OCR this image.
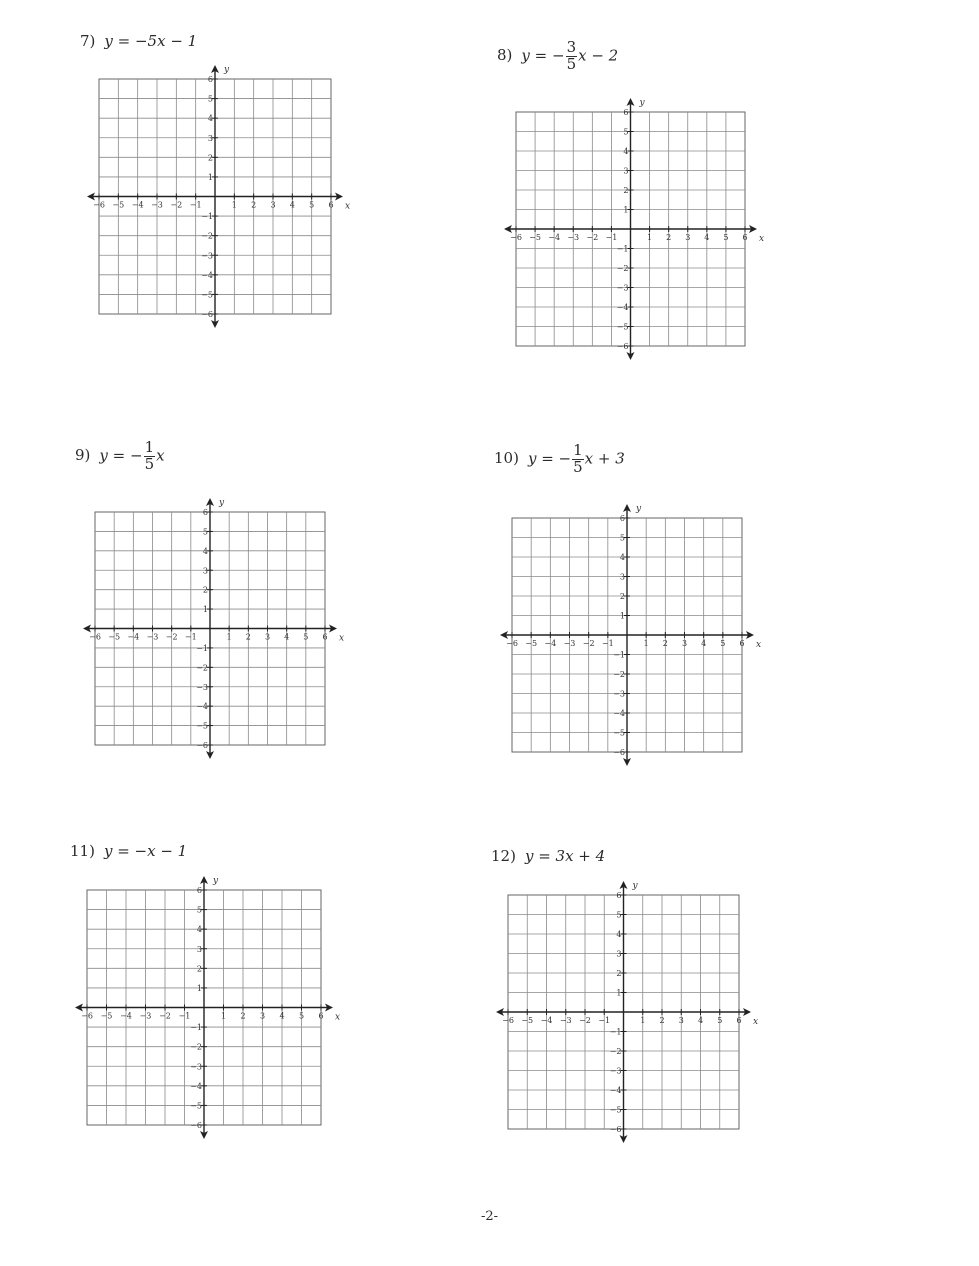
7) y = −5x − 1
8) y = − $\frac{3}{5}$ x − 2
9) y = − $\frac{1}{5}$ x	10) y = − $\frac{1}{5}$ x + 3
11) y = −x − 1	12) y = 3x + 4
−6 −5 −4 −3 −2 −1	1 2 3 4 5 6
6
5
4
3
2
1
−1
−2
−3
−4
−5
−6
x
y
−6 −5 −4 −3 −2 −1	1 2 3 4 5 6
6
5
4
3
2
1
−1
−2
−3
−4
−5
−6
x
y
−6 −5 −4 −3 −2 −1	1 2 3 4 5 6
6
5
4
3
2
1
−1
−2
−3
−4
−5
−6
x
y
−6 −5 −4 −3 −2 −1	1 2 3 4 5 6
6
5
4
3
2
1
−1
−2
−3
−4
−5
−6
x
y
−6 −5 −4 −3 −2 −1	1 2 3 4 5 6
6
5
4
3
2
1
−1
−2
−3
−4
−5
−6
x
y
−6 −5 −4 −3 −2 −1	1 2 3 4 5 6
6
5
4
3
2
1
−1
−2
−3
−4
−5
−6
x
y
-2-
